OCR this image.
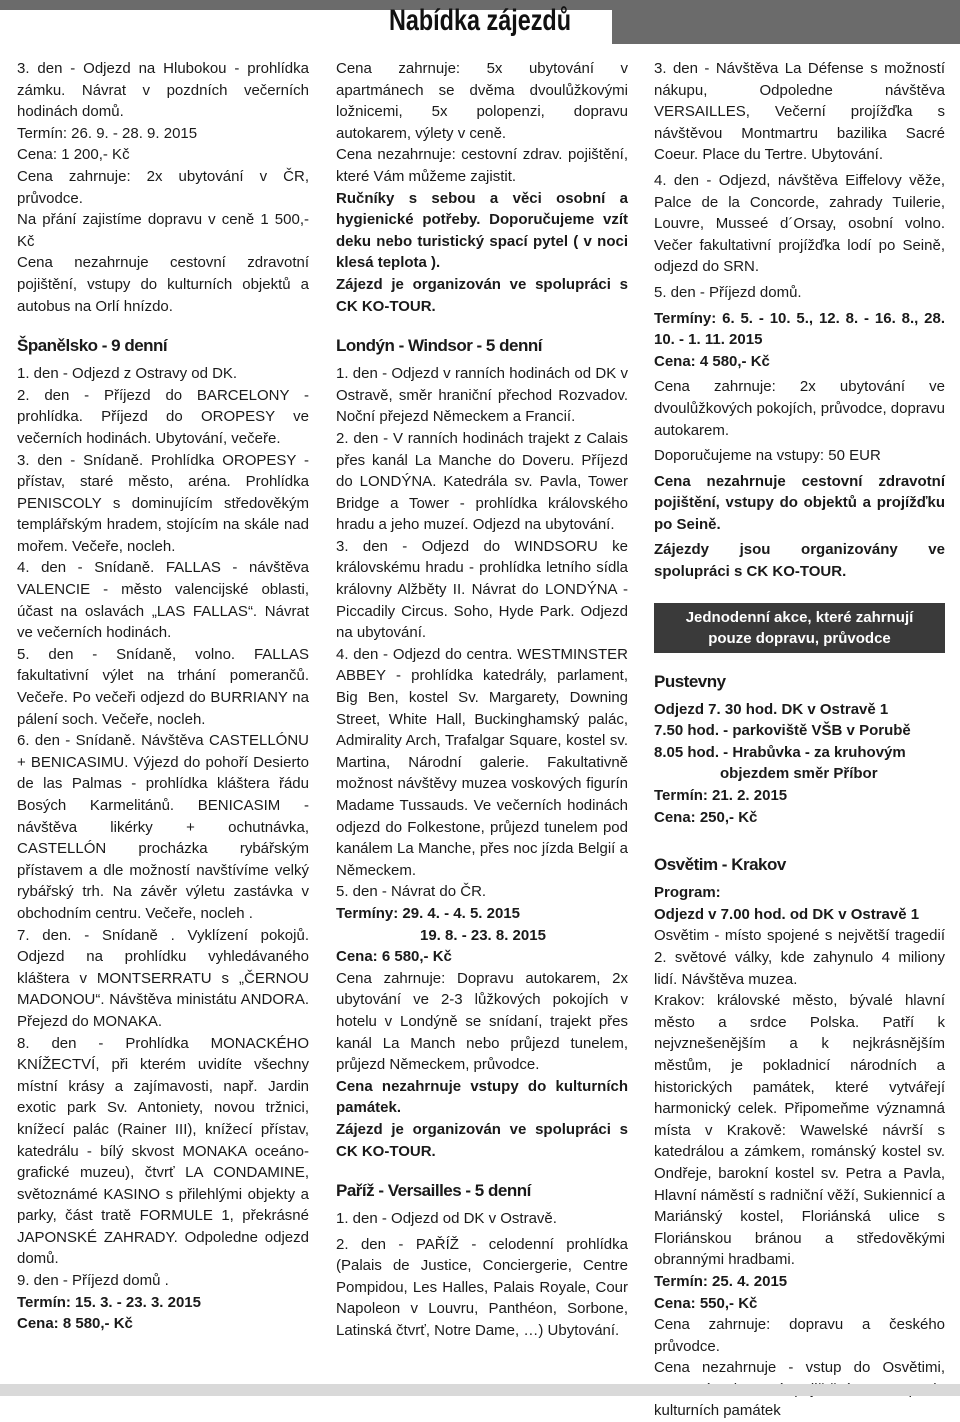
Nabídka zájezdů

3. den - Odjezd na Hlubokou - prohlídka zámku. Návrat v pozdních večerních hodinách domů.

Termín: 26. 9. - 28. 9. 2015

Cena: 1 200,- Kč

Cena zahrnuje: 2x ubytování v ČR, průvodce.

Na přání zajistíme dopravu v ceně 1 500,- Kč

Cena nezahrnuje cestovní zdravotní pojištění, vstupy do kulturních objektů a autobus na Orlí hnízdo.

Španělsko - 9 denní

1. den - Odjezd z Ostravy od DK.

2. den - Příjezd do BARCELONY - prohlídka. Příjezd do OROPESY ve večerních hodinách. Ubytování, večeře.

3. den - Snídaně. Prohlídka OROPESY - přístav, staré město, aréna. Prohlídka PENISCOLY s dominujícím středověkým templářským hradem, stojícím na skále nad mořem. Večeře, nocleh.

4. den - Snídaně. FALLAS - návštěva VALENCIE - město valencijské oblasti, účast na oslavách „LAS FALLAS“. Návrat ve večerních hodinách.

5. den - Snídaně, volno. FALLAS fakultativní výlet na trhání pomerančů. Večeře. Po večeři odjezd do BURRIANY na pálení soch. Večeře, nocleh.

6. den - Snídaně. Návštěva CASTELLÓNU + BENICASIMU. Výjezd do pohoří Desierto de las Palmas - prohlídka kláštera řádu Bosých Karmelitánů. BENICASIM - návštěva likérky + ochutnávka, CASTELLÓN procházka rybářským přístavem a dle možností navštívíme velký rybářský trh. Na závěr výletu zastávka v obchodním centru. Večeře, nocleh .

7. den. - Snídaně . Vyklízení pokojů. Odjezd na prohlídku vyhledávaného kláštera v MONTSERRATU s „ČERNOU MADONOU“. Návštěva ministátu ANDORA. Přejezd do MONAKA.

8. den - Prohlídka MONACKÉHO KNÍŽECTVÍ, při kterém uvidíte všechny místní krásy a zajímavosti, např. Jardin exotic park Sv. Antoniety, novou tržnici, knížecí palác (Rainer III), knížecí přístav, katedrálu - bílý skvost MONAKA oceáno-grafické muzeu), čtvrť LA CONDAMINE, světoznámé KASINO s přilehlými objekty a parky, část tratě FORMULE 1, překrásné JAPONSKÉ ZAHRADY. Odpoledne odjezd domů.

9. den - Příjezd domů .

Termín: 15. 3. - 23. 3. 2015

Cena: 8 580,- Kč

Cena zahrnuje: 5x ubytování v apartmánech se dvěma dvoulůžkovými ložnicemi, 5x polopenzi, dopravu autokarem, výlety v ceně.

Cena nezahrnuje: cestovní zdrav. pojištění, které Vám můžeme zajistit.

Ručníky s sebou a věci osobní a hygienické potřeby. Doporučujeme vzít deku nebo turistický spací pytel ( v noci klesá teplota ).

Zájezd je organizován ve spolupráci s CK KO-TOUR.

Londýn - Windsor - 5 denní

1. den - Odjezd v ranních hodinách od DK v Ostravě, směr hraniční přechod Rozvadov. Noční přejezd Německem a Francií.

2. den - V ranních hodinách trajekt z Calais přes kanál La Manche do Doveru. Příjezd do LONDÝNA. Katedrála sv. Pavla, Tower Bridge a Tower - prohlídka královského hradu a jeho muzeí. Odjezd na ubytování.

3. den - Odjezd do WINDSORU ke královskému hradu - prohlídka letního sídla královny Alžběty II. Návrat do LONDÝNA - Piccadily Circus. Soho, Hyde Park. Odjezd na ubytování.

4. den - Odjezd do centra. WESTMINSTER ABBEY - prohlídka katedrály, parlament, Big Ben, kostel Sv. Margarety, Downing Street, White Hall, Buckinghamský palác, Admirality Arch, Trafalgar Square, kostel sv. Martina, Národní galerie. Fakultativně možnost návštěvy muzea voskových figurín Madame Tussauds. Ve večerních hodinách odjezd do Folkestone, průjezd tunelem pod kanálem La Manche, přes noc jízda Belgií a Německem.

5. den - Návrat do ČR.

Termíny: 29. 4. - 4. 5. 2015

19. 8. - 23. 8. 2015

Cena: 6 580,- Kč

Cena zahrnuje: Dopravu autokarem, 2x ubytování ve 2-3 lůžkových pokojích v hotelu v Londýně se snídaní, trajekt přes kanál La Manch nebo průjezd tunelem, průjezd Německem, průvodce.

Cena nezahrnuje vstupy do kulturních památek.

Zájezd je organizován ve spolupráci s CK KO-TOUR.

Paříž - Versailles - 5 denní

1. den - Odjezd od DK v Ostravě.

2. den - PAŘÍŽ - celodenní prohlídka (Palais de Justice, Conciergerie, Centre Pompidou, Les Halles, Palais Royale, Cour Napoleon v Louvru, Panthéon, Sorbone, Latinská čtvrť, Notre Dame, …) Ubytování.

3. den - Návštěva La Défense s možností nákupu, Odpoledne návštěva VERSAILLES, Večerní projížďka s návštěvou Montmartru bazilika Sacré Coeur. Place du Tertre. Ubytování.

4. den - Odjezd, návštěva Eiffelovy věže, Palce de la Concorde, zahrady Tuilerie, Louvre, Musseé d´Orsay, osobní volno. Večer fakultativní projížďka lodí po Seině, odjezd do SRN.

5. den - Příjezd domů.

Termíny: 6. 5. - 10. 5., 12. 8. - 16. 8., 28. 10. - 1. 11. 2015

Cena: 4 580,- Kč

Cena zahrnuje: 2x ubytování ve dvoulůžkových pokojích, průvodce, dopravu autokarem.

Doporučujeme na vstupy: 50 EUR

Cena nezahrnuje cestovní zdravotní pojištění, vstupy do objektů a projížďku po Seině.

Zájezdy jsou organizovány ve spolupráci s CK KO-TOUR.

Jednodenní akce, které zahrnují pouze dopravu, průvodce
Pustevny

Odjezd 7. 30 hod. DK v Ostravě 1

7.50 hod. - parkoviště VŠB v Porubě

8.05 hod. - Hrabůvka - za kruhovým

objezdem směr Příbor

Termín: 21. 2. 2015

Cena: 250,- Kč

Osvětim - Krakov

Program:

Odjezd v 7.00 hod. od DK v Ostravě 1

Osvětim - místo spojené s největší tragedií 2. světové války, kde zahynulo 4 miliony lidí. Návštěva muzea.

Krakov: královské město, bývalé hlavní město a srdce Polska. Patří k nejvznešenějším a k nejkrásnějším městům, je pokladnicí národních a historických památek, které vytvářejí harmonický celek. Připomeňme významná místa v Krakově: Wawelské návrší s katedrálou a zámkem, románský kostel sv. Ondřeje, barokní kostel sv. Petra a Pavla, Hlavní náměstí s radniční věží, Sukiennicí a Mariánský kostel, Floriánská ulice s Floriánskou bránou a středověkými obrannými hradbami.

Termín: 25. 4. 2015

Cena: 550,- Kč

Cena zahrnuje: dopravu a českého průvodce.

Cena nezahrnuje - vstup do Osvětimi, kulturních památek
